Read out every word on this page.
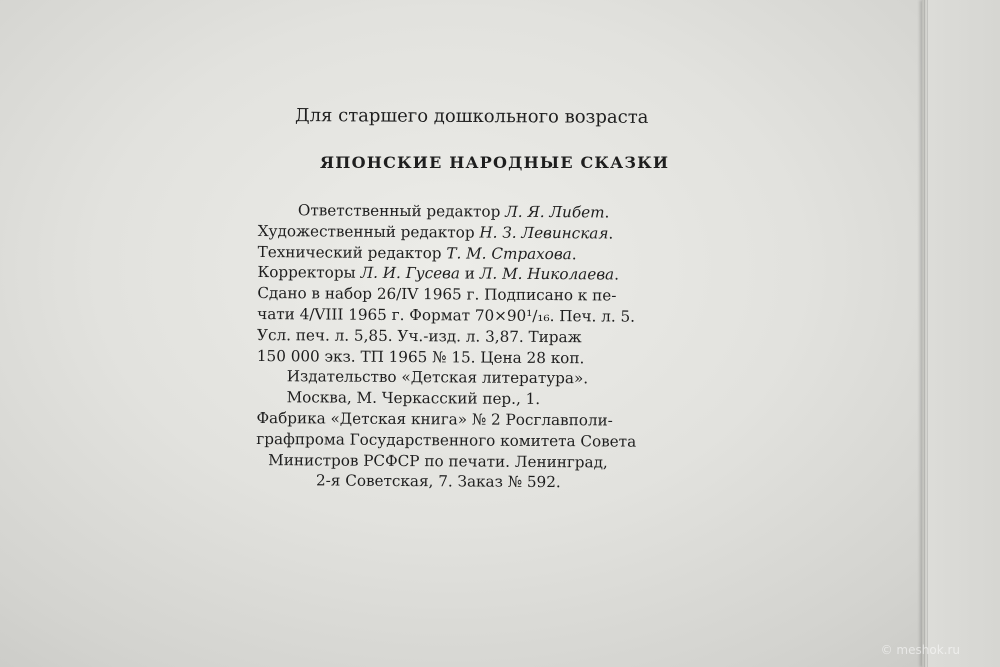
Для старшего дошкольного возраста
ЯПОНСКИЕ НАРОДНЫЕ СКАЗКИ
Ответственный редактор Л. Я. Либет.
Художественный редактор Н. З. Левинская.
Технический редактор Т. М. Страхова.
Корректоры Л. И. Гусева и Л. М. Николаева.
Сдано в набор 26/IV 1965 г. Подписано к пе-
чати 4/VIII 1965 г. Формат 70×90¹/₁₆. Печ. л. 5.
Усл. печ. л. 5,85. Уч.-изд. л. 3,87. Тираж
150 000 экз. ТП 1965 № 15. Цена 28 коп.
Издательство «Детская литература».
Москва, М. Черкасский пер., 1.
Фабрика «Детская книга» № 2 Росглавполи-
графпрома Государственного комитета Совета
Министров РСФСР по печати. Ленинград,
2-я Советская, 7. Заказ № 592.
© meshok.ru
